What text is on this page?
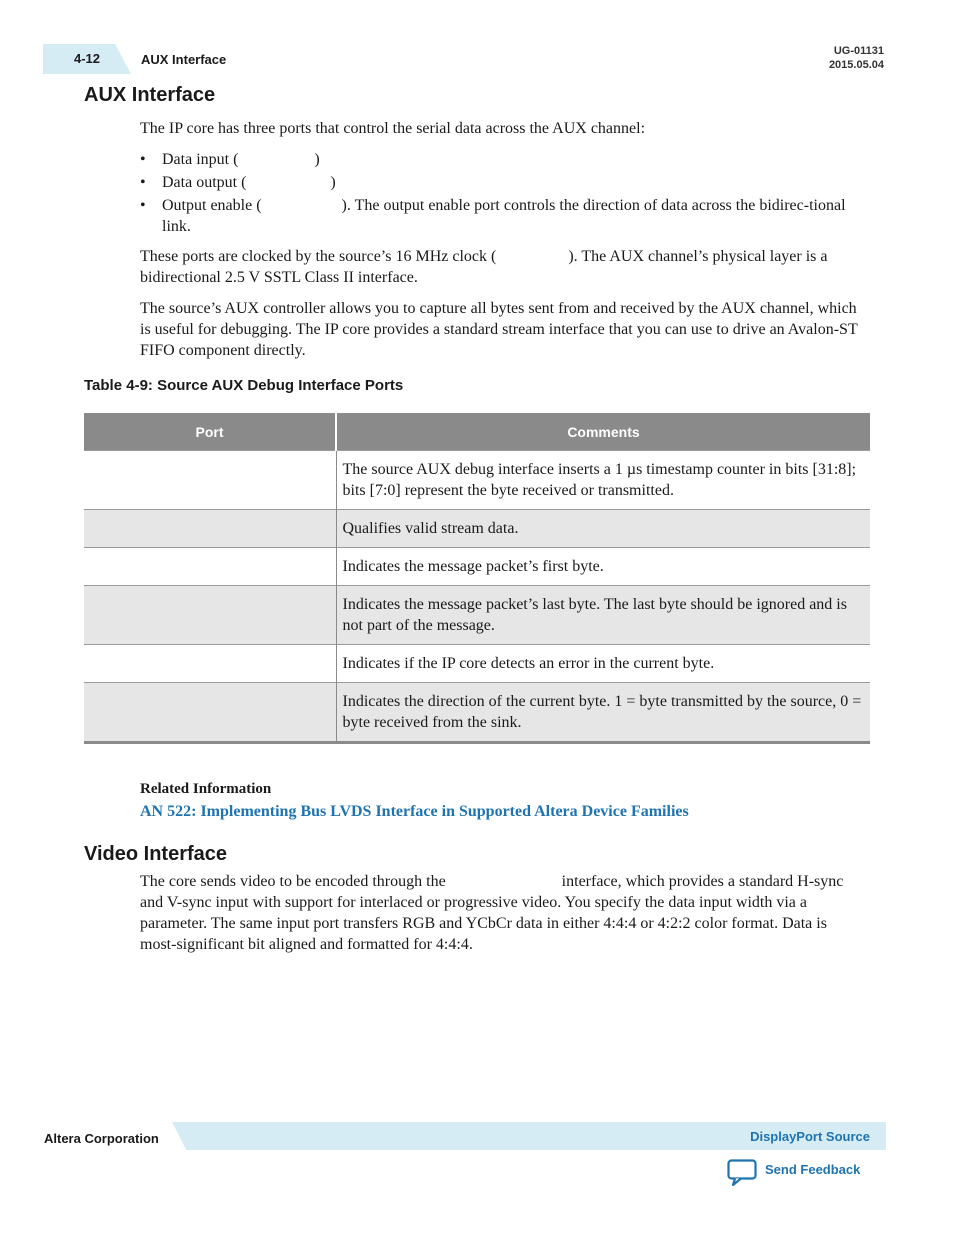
4-12	AUX Interface
UG-01131
2015.05.04
AUX Interface
The IP core has three ports that control the serial data across the AUX channel:
• Data input (                   )
• Data output (                     )
• Output enable (                    ). The output enable port controls the direction of data across the bidirec-tional link.
These ports are clocked by the source’s 16 MHz clock (                  ). The AUX channel’s physical layer is a bidirectional 2.5 V SSTL Class II interface.
The source’s AUX controller allows you to capture all bytes sent from and received by the AUX channel, which is useful for debugging. The IP core provides a standard stream interface that you can use to drive an Avalon-ST FIFO component directly.
Table 4-9: Source AUX Debug Interface Ports
Port	Comments
	The source AUX debug interface inserts a 1 µs timestamp counter in bits [31:8]; bits [7:0] represent the byte received or transmitted.
	Qualifies valid stream data.
	Indicates the message packet’s first byte.
	Indicates the message packet’s last byte. The last byte should be ignored and is not part of the message.
	Indicates if the IP core detects an error in the current byte.
	Indicates the direction of the current byte. 1 = byte transmitted by the source, 0 = byte received from the sink.
Related Information
AN 522: Implementing Bus LVDS Interface in Supported Altera Device Families
Video Interface
The core sends video to be encoded through the                             interface, which provides a standard H-sync and V-sync input with support for interlaced or progressive video. You specify the data input width via a parameter. The same input port transfers RGB and YCbCr data in either 4:4:4 or 4:2:2 color format. Data is most-significant bit aligned and formatted for 4:4:4.
Altera Corporation	DisplayPort Source
Send Feedback
